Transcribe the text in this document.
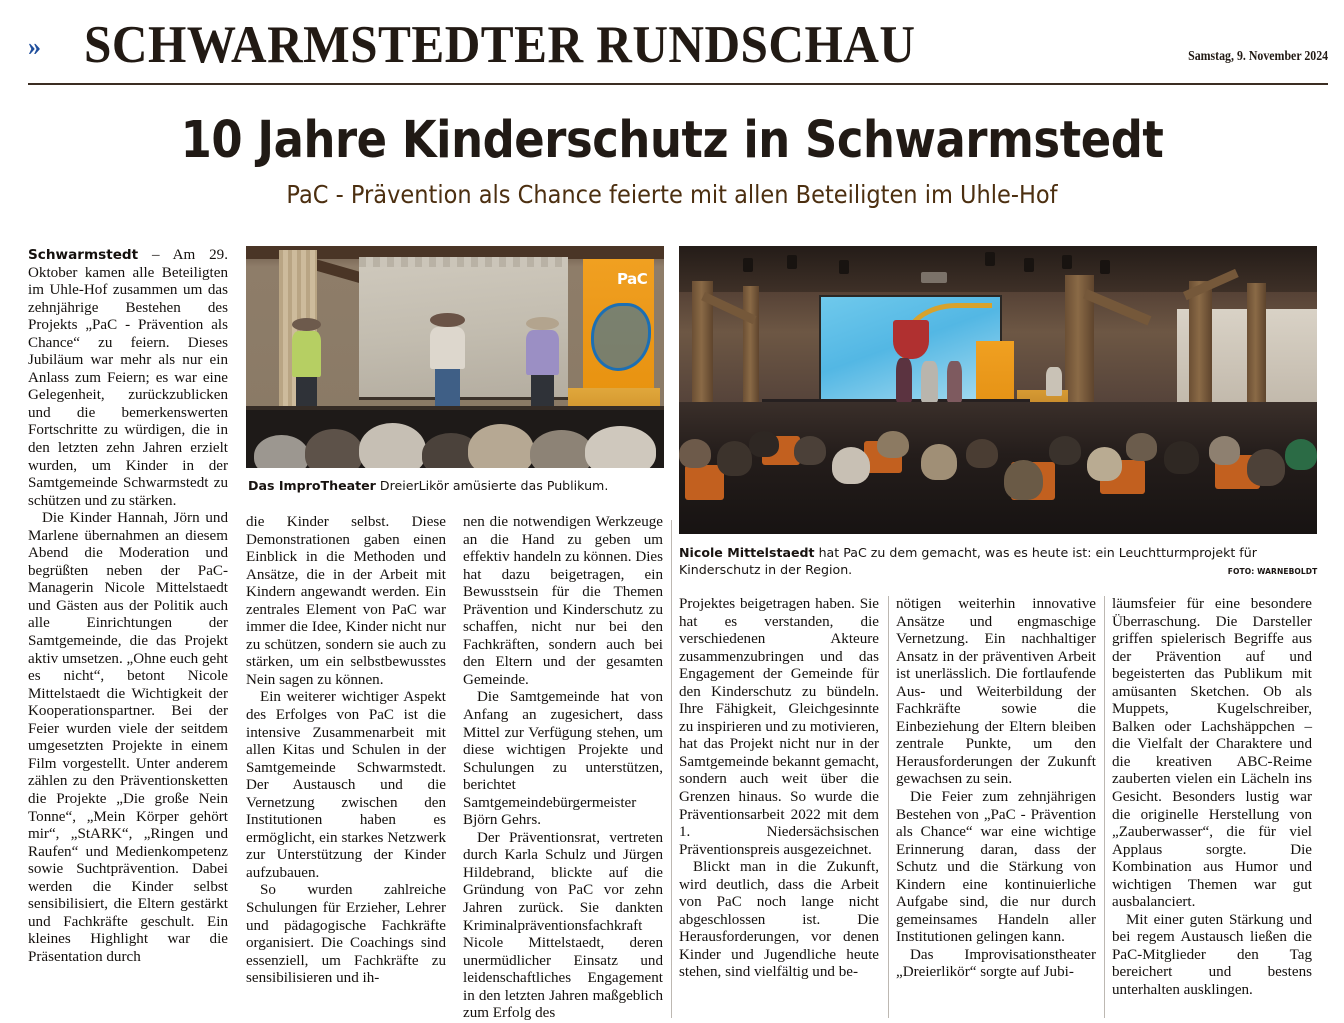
» SCHWARMSTEDTER RUNDSCHAU	Samstag, 9. November 2024
10 Jahre Kinderschutz in Schwarmstedt
PaC - Prävention als Chance feierte mit allen Beteiligten im Uhle-Hof
PaC
Das ImproTheater DreierLikör amüsierte das Publikum.
Nicole Mittelstaedt hat PaC zu dem gemacht, was es heute ist: ein Leuchtturmprojekt für Kinderschutz in der Region.	FOTO: WARNEBOLDT

Schwarmstedt – Am 29. Oktober kamen alle Beteiligten im Uhle-Hof zusammen um das zehnjährige Bestehen des Projekts „PaC - Prävention als Chance“ zu feiern. Dieses Jubiläum war mehr als nur ein Anlass zum Feiern; es war eine Gelegenheit, zurückzublicken und die bemerkenswerten Fortschritte zu würdigen, die in den letzten zehn Jahren erzielt wurden, um Kinder in der Samtgemeinde Schwarmstedt zu schützen und zu stärken.

Die Kinder Hannah, Jörn und Marlene übernahmen an diesem Abend die Moderation und begrüßten neben der PaC-Managerin Nicole Mittelstaedt und Gästen aus der Politik auch alle Einrichtungen der Samtgemeinde, die das Projekt aktiv umsetzen. „Ohne euch geht es nicht“, betont Nicole Mittelstaedt die Wichtigkeit der Kooperationspartner. Bei der Feier wurden viele der seitdem umgesetzten Projekte in einem Film vorgestellt. Unter anderem zählen zu den Präventionsketten die Projekte „Die große Nein Tonne“, „Mein Körper gehört mir“, „StARK“, „Ringen und Raufen“ und Medienkompetenz sowie Suchtprävention. Dabei werden die Kinder selbst sensibilisiert, die Eltern gestärkt und Fachkräfte geschult. Ein kleines Highlight war die Präsentation durch

die Kinder selbst. Diese Demonstrationen gaben einen Einblick in die Methoden und Ansätze, die in der Arbeit mit Kindern angewandt werden. Ein zentrales Element von PaC war immer die Idee, Kinder nicht nur zu schützen, sondern sie auch zu stärken, um ein selbstbewusstes Nein sagen zu können.

Ein weiterer wichtiger Aspekt des Erfolges von PaC ist die intensive Zusammenarbeit mit allen Kitas und Schulen in der Samtgemeinde Schwarmstedt. Der Austausch und die Vernetzung zwischen den Institutionen haben es ermöglicht, ein starkes Netzwerk zur Unterstützung der Kinder aufzubauen.

So wurden zahlreiche Schulungen für Erzieher, Lehrer und pädagogische Fachkräfte organisiert. Die Coachings sind essenziell, um Fachkräfte zu sensibilisieren und ih-

nen die notwendigen Werkzeuge an die Hand zu geben um effektiv handeln zu können. Dies hat dazu beigetragen, ein Bewusstsein für die Themen Prävention und Kinderschutz zu schaffen, nicht nur bei den Fachkräften, sondern auch bei den Eltern und der gesamten Gemeinde.

Die Samtgemeinde hat von Anfang an zugesichert, dass Mittel zur Verfügung stehen, um diese wichtigen Projekte und Schulungen zu unterstützen, berichtet Samtgemeindebürgermeister Björn Gehrs.

Der Präventionsrat, vertreten durch Karla Schulz und Jürgen Hildebrand, blickte auf die Gründung von PaC vor zehn Jahren zurück. Sie dankten Kriminalpräventionsfachkraft Nicole Mittelstaedt, deren unermüdlicher Einsatz und leidenschaftliches Engagement in den letzten Jahren maßgeblich zum Erfolg des

Projektes beigetragen haben. Sie hat es verstanden, die verschiedenen Akteure zusammenzubringen und das Engagement der Gemeinde für den Kinderschutz zu bündeln. Ihre Fähigkeit, Gleichgesinnte zu inspirieren und zu motivieren, hat das Projekt nicht nur in der Samtgemeinde bekannt gemacht, sondern auch weit über die Grenzen hinaus. So wurde die Präventionsarbeit 2022 mit dem 1. Niedersächsischen Präventionspreis ausgezeichnet.

Blickt man in die Zukunft, wird deutlich, dass die Arbeit von PaC noch lange nicht abgeschlossen ist. Die Herausforderungen, vor denen Kinder und Jugendliche heute stehen, sind vielfältig und be-

nötigen weiterhin innovative Ansätze und engmaschige Vernetzung. Ein nachhaltiger Ansatz in der präventiven Arbeit ist unerlässlich. Die fortlaufende Aus- und Weiterbildung der Fachkräfte sowie die Einbeziehung der Eltern bleiben zentrale Punkte, um den Herausforderungen der Zukunft gewachsen zu sein.

Die Feier zum zehnjährigen Bestehen von „PaC - Prävention als Chance“ war eine wichtige Erinnerung daran, dass der Schutz und die Stärkung von Kindern eine kontinuierliche Aufgabe sind, die nur durch gemeinsames Handeln aller Institutionen gelingen kann.

Das Improvisationstheater „Dreierlikör“ sorgte auf Jubi-

läumsfeier für eine besondere Überraschung. Die Darsteller griffen spielerisch Begriffe aus der Prävention auf und begeisterten das Publikum mit amüsanten Sketchen. Ob als Muppets, Kugelschreiber, Balken oder Lachshäppchen – die Vielfalt der Charaktere und die kreativen ABC-Reime zauberten vielen ein Lächeln ins Gesicht. Besonders lustig war die originelle Herstellung von „Zauberwasser“, die für viel Applaus sorgte. Die Kombination aus Humor und wichtigen Themen war gut ausbalanciert.

Mit einer guten Stärkung und bei regem Austausch ließen die PaC-Mitglieder den Tag bereichert und bestens unterhalten ausklingen.
